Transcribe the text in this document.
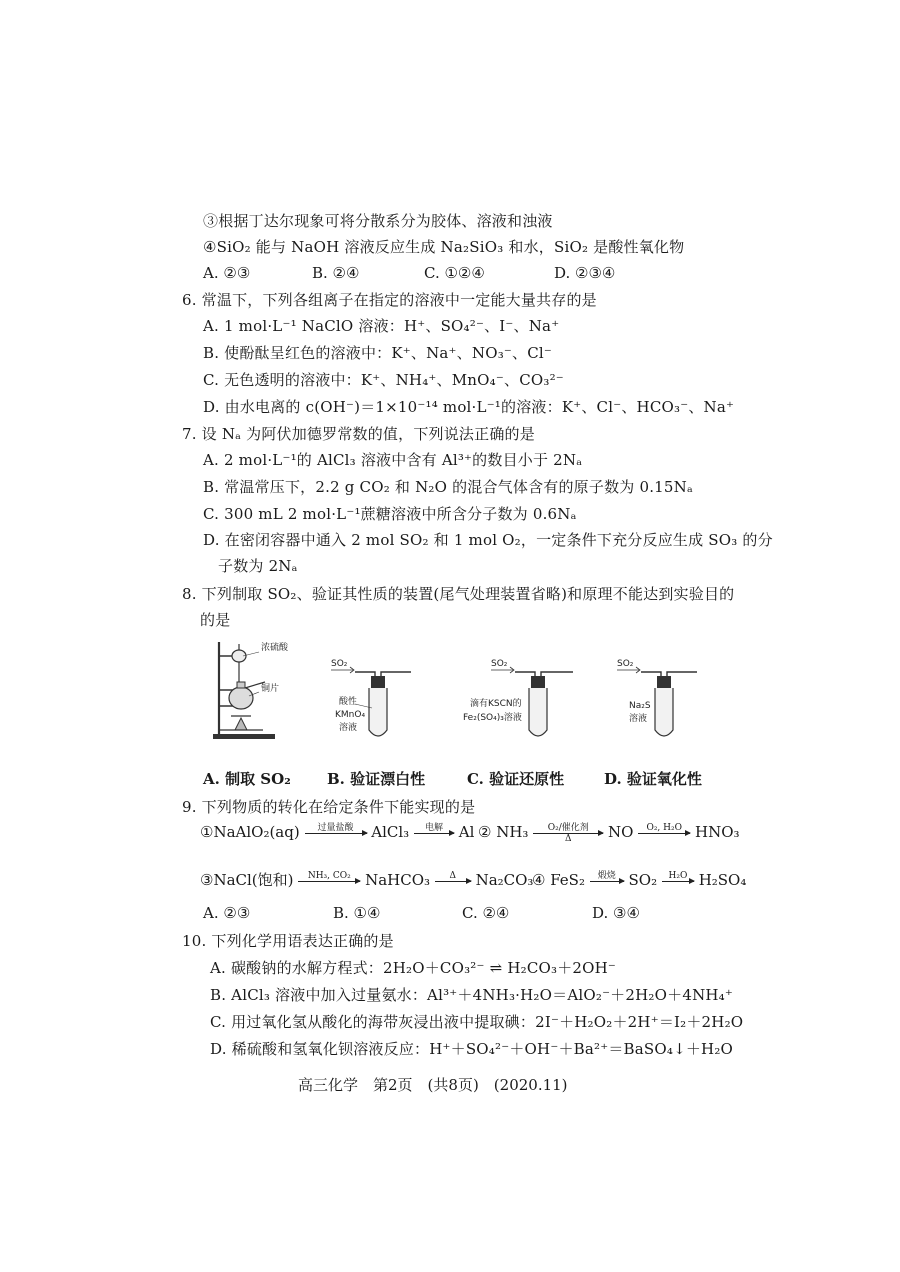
③根据丁达尔现象可将分散系分为胶体、溶液和浊液
④SiO₂ 能与 NaOH 溶液反应生成 Na₂SiO₃ 和水，SiO₂ 是酸性氧化物
A. ②③	B. ②④	C. ①②④	D. ②③④
6. 常温下，下列各组离子在指定的溶液中一定能大量共存的是
A. 1 mol·L⁻¹ NaClO 溶液：H⁺、SO₄²⁻、I⁻、Na⁺
B. 使酚酞呈红色的溶液中：K⁺、Na⁺、NO₃⁻、Cl⁻
C. 无色透明的溶液中：K⁺、NH₄⁺、MnO₄⁻、CO₃²⁻
D. 由水电离的 c(OH⁻)＝1×10⁻¹⁴ mol·L⁻¹的溶液：K⁺、Cl⁻、HCO₃⁻、Na⁺
7. 设 Nₐ 为阿伏加德罗常数的值，下列说法正确的是
A. 2 mol·L⁻¹的 AlCl₃ 溶液中含有 Al³⁺的数目小于 2Nₐ
B. 常温常压下，2.2 g CO₂ 和 N₂O 的混合气体含有的原子数为 0.15Nₐ
C. 300 mL 2 mol·L⁻¹蔗糖溶液中所含分子数为 0.6Nₐ
D. 在密闭容器中通入 2 mol SO₂ 和 1 mol O₂，一定条件下充分反应生成 SO₃ 的分
子数为 2Nₐ
8. 下列制取 SO₂、验证其性质的装置(尾气处理装置省略)和原理不能达到实验目的
的是
浓硫酸
铜片
SO₂
酸性
KMnO₄
溶液
SO₂
滴有KSCN的
Fe₂(SO₄)₃溶液
SO₂
Na₂S
溶液
A. 制取 SO₂ B. 验证漂白性	C. 验证还原性	D. 验证氧化性
9. 下列物质的转化在给定条件下能实现的是
①NaAlO₂(aq)	过量盐酸	AlCl₃	电解	Al ② NH₃	O₂/催化剂
Δ	NO	O₂, H₂O HNO₃
③NaCl(饱和)	NH₃, CO₂ NaHCO₃	Δ	Na₂CO₃
④ FeS₂	煅烧 SO₂	H₂O H₂SO₄
A. ②③	B. ①④	C. ②④	D. ③④
10. 下列化学用语表达正确的是
A. 碳酸钠的水解方程式：2H₂O＋CO₃²⁻ ⇌ H₂CO₃＋2OH⁻
B. AlCl₃ 溶液中加入过量氨水：Al³⁺＋4NH₃·H₂O＝AlO₂⁻＋2H₂O＋4NH₄⁺
C. 用过氧化氢从酸化的海带灰浸出液中提取碘：2I⁻＋H₂O₂＋2H⁺＝I₂＋2H₂O
D. 稀硫酸和氢氧化钡溶液反应：H⁺＋SO₄²⁻＋OH⁻＋Ba²⁺＝BaSO₄↓＋H₂O
高三化学　第2页　(共8页)　(2020.11)
